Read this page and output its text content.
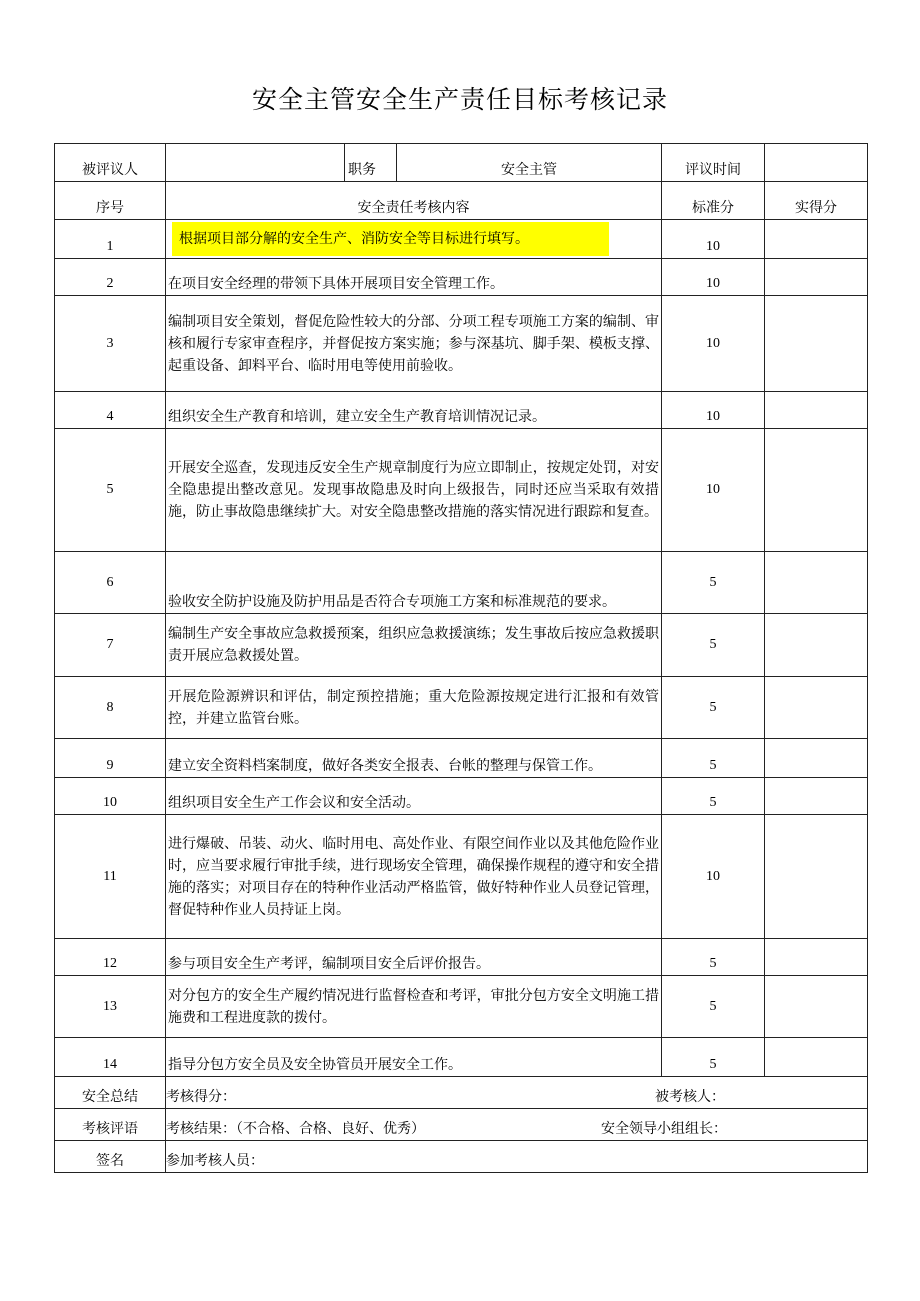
安全主管安全生产责任目标考核记录
被评议人		职务	安全主管	评议时间	
序号	安全责任考核内容			标准分	实得分
1	根据项目部分解的安全生产、消防安全等目标进行填写。			10	
2	在项目安全经理的带领下具体开展项目安全管理工作。			10	
3	编制项目安全策划，督促危险性较大的分部、分项工程专项施工方案的编制、审核和履行专家审查程序，并督促按方案实施；参与深基坑、脚手架、模板支撑、起重设备、卸料平台、临时用电等使用前验收。			10	
4	组织安全生产教育和培训，建立安全生产教育培训情况记录。			10	
5	开展安全巡查，发现违反安全生产规章制度行为应立即制止，按规定处罚，对安全隐患提出整改意见。发现事故隐患及时向上级报告，同时还应当采取有效措施，防止事故隐患继续扩大。对安全隐患整改措施的落实情况进行跟踪和复查。			10	
6	验收安全防护设施及防护用品是否符合专项施工方案和标准规范的要求。			5	
7	编制生产安全事故应急救援预案，组织应急救援演练；发生事故后按应急救援职责开展应急救援处置。			5	
8	开展危险源辨识和评估，制定预控措施；重大危险源按规定进行汇报和有效管控，并建立监管台账。			5	
9	建立安全资料档案制度，做好各类安全报表、台帐的整理与保管工作。			5	
10	组织项目安全生产工作会议和安全活动。			5	
11	进行爆破、吊装、动火、临时用电、高处作业、有限空间作业以及其他危险作业时，应当要求履行审批手续，进行现场安全管理，确保操作规程的遵守和安全措施的落实；对项目存在的特种作业活动严格监管，做好特种作业人员登记管理，督促特种作业人员持证上岗。			10	
12	参与项目安全生产考评，编制项目安全后评价报告。			5	
13	对分包方的安全生产履约情况进行监督检查和考评，审批分包方安全文明施工措施费和工程进度款的拨付。			5	
14	指导分包方安全员及安全协管员开展安全工作。			5	
安全总结	考核得分： 被考核人：				

考核评语	考核结果：（不合格、合格、良好、优秀） 安全领导小组组长：				

签名	参加考核人员：				
